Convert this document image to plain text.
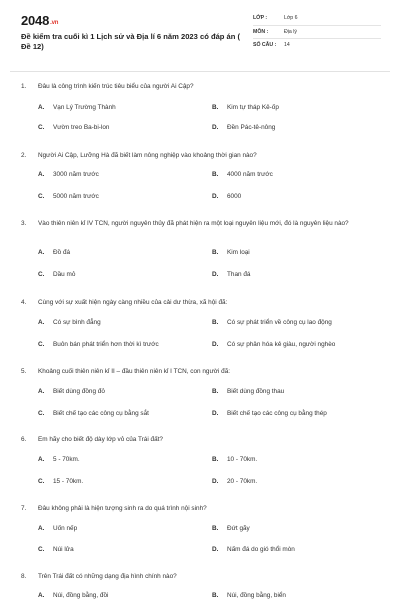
2048.vn
Đề kiểm tra cuối kì 1 Lịch sử và Địa lí 6 năm 2023 có đáp án ( Đề 12)
LỚP :	Lớp 6
MÔN :	Địa lý
SỐ CÂU : 14
1. Đâu là công trình kiến trúc tiêu biểu của người Ai Cập?
A. Vạn Lý Trường Thành	B. Kim tự tháp Kê-ốp
C. Vườn treo Ba-bi-lon	D. Đền Pác-tê-nông
2. Người Ai Cập, Lưỡng Hà đã biết làm nông nghiệp vào khoảng thời gian nào?
A. 3000 năm trước	B. 4000 năm trước
C. 5000 năm trước	D. 6000
3. Vào thiên niên kỉ IV TCN, người nguyên thủy đã phát hiện ra một loại nguyên liệu mới, đó là nguyên liệu nào?
A. Đồ đá	B. Kim loại
C. Dầu mỏ	D. Than đá
4. Cùng với sự xuất hiện ngày càng nhiều của cải dư thừa, xã hội đã:
A. Có sự bình đẳng	B. Có sự phát triển về công cụ lao động
C. Buôn bán phát triển hơn thời kì trước	D. Có sự phân hóa kẻ giàu, người nghèo
5. Khoảng cuối thiên niên kỉ II – đầu thiên niên kỉ I TCN, con người đã:
A. Biết dùng đồng đỏ	B. Biết dùng đồng thau
C. Biết chế tạo các công cụ bằng sắt	D. Biết chế tạo các công cụ bằng thép
6. Em hãy cho biết độ dày lớp vỏ của Trái đất?
A. 5 - 70km.	B. 10 - 70km.
C. 15 - 70km.	D. 20 - 70km.
7. Đâu không phải là hiện tượng sinh ra do quá trình nội sinh?
A. Uốn nếp	B. Đứt gãy
C. Núi lửa	D. Nấm đá do gió thổi mòn
8. Trên Trái đất có những dạng địa hình chính nào?
A. Núi, đồng bằng, đồi	B. Núi, đồng bằng, biển
